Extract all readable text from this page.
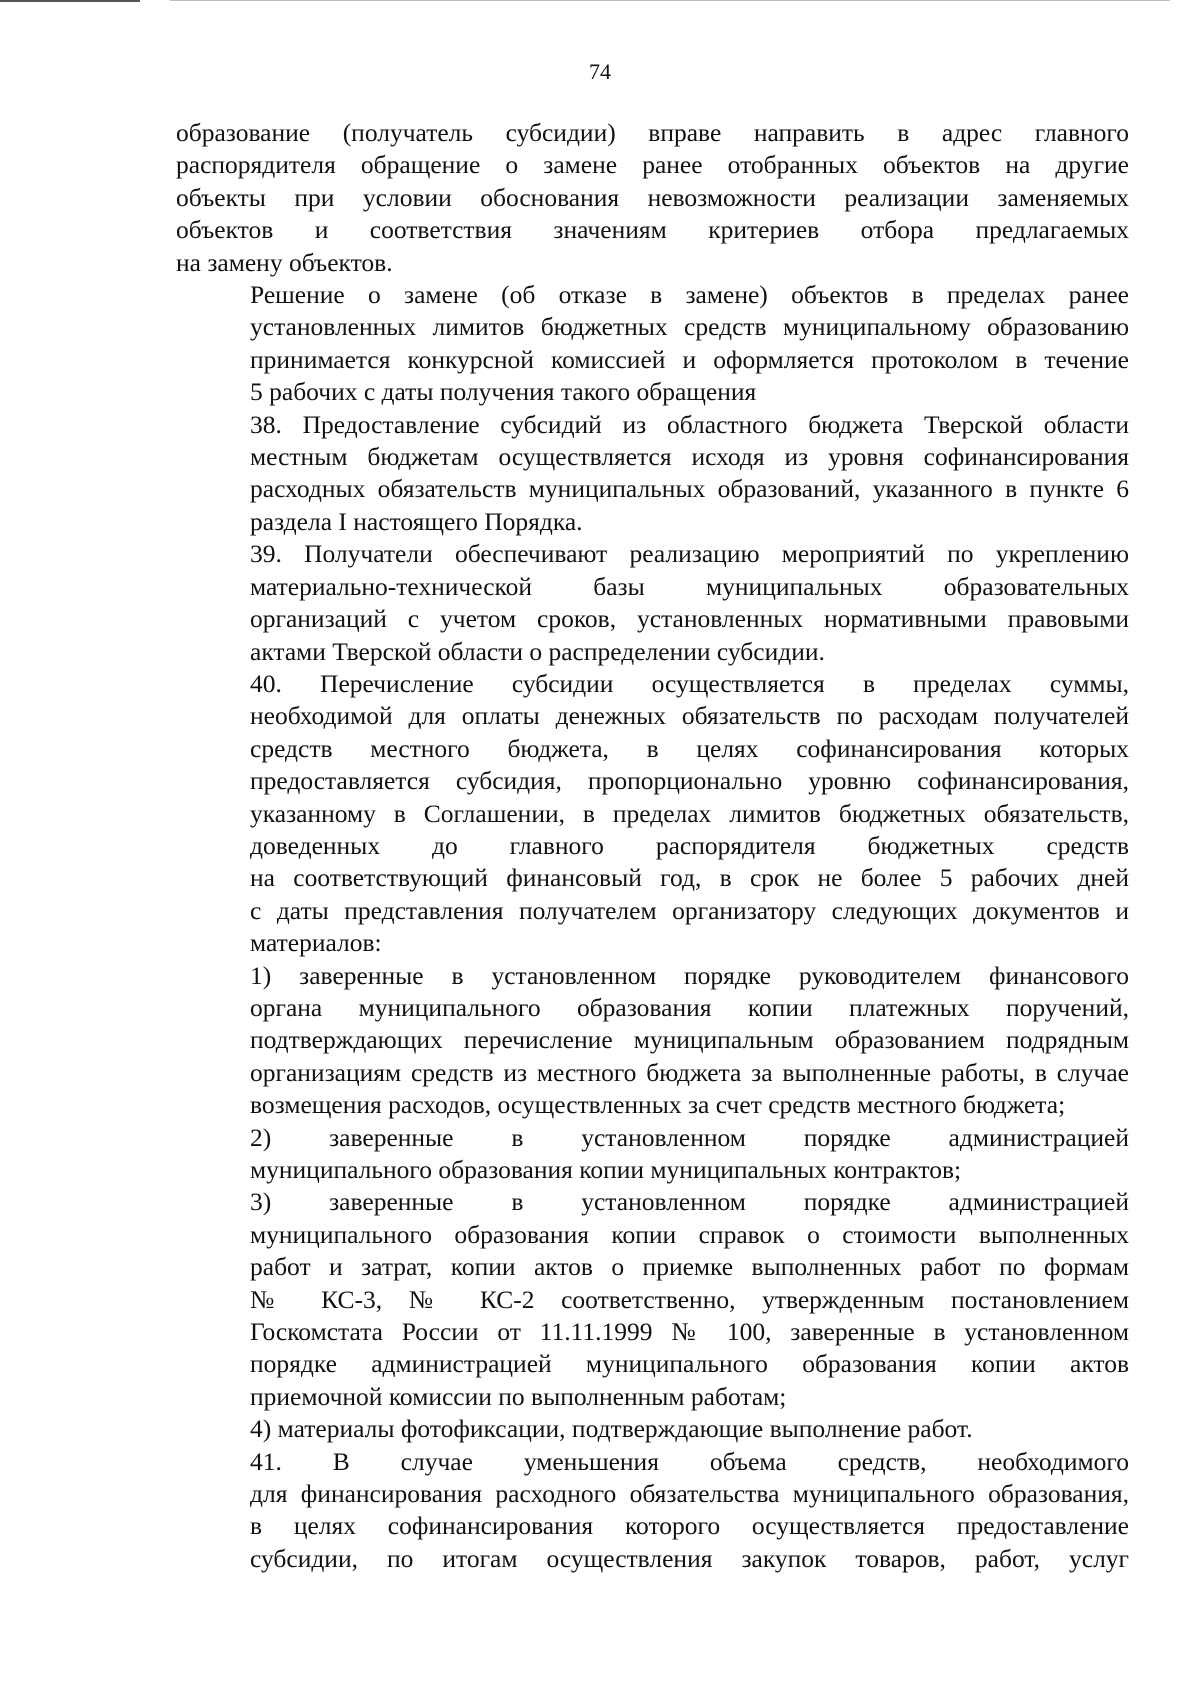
74

образование (получатель субсидии) вправе направить в адрес главного
распорядителя обращение о замене ранее отобранных объектов на другие
объекты при условии обоснования невозможности реализации заменяемых
объектов и соответствия значениям критериев отбора предлагаемых
на замену объектов.

Решение о замене (об отказе в замене) объектов в пределах ранее
установленных лимитов бюджетных средств муниципальному образованию
принимается конкурсной комиссией и оформляется протоколом в течение
5 рабочих с даты получения такого обращения

38. Предоставление субсидий из областного бюджета Тверской области
местным бюджетам осуществляется исходя из уровня софинансирования
расходных обязательств муниципальных образований, указанного в пункте 6
раздела I настоящего Порядка.

39. Получатели обеспечивают реализацию мероприятий по укреплению
материально-технической базы муниципальных образовательных
организаций с учетом сроков, установленных нормативными правовыми
актами Тверской области о распределении субсидии.

40. Перечисление субсидии осуществляется в пределах суммы,
необходимой для оплаты денежных обязательств по расходам получателей
средств местного бюджета, в целях софинансирования которых
предоставляется субсидия, пропорционально уровню софинансирования,
указанному в Соглашении, в пределах лимитов бюджетных обязательств,
доведенных до главного распорядителя бюджетных средств
на соответствующий финансовый год, в срок не более 5 рабочих дней
с даты представления получателем организатору следующих документов и
материалов:

1) заверенные в установленном порядке руководителем финансового
органа муниципального образования копии платежных поручений,
подтверждающих перечисление муниципальным образованием подрядным
организациям средств из местного бюджета за выполненные работы, в случае
возмещения расходов, осуществленных за счет средств местного бюджета;

2) заверенные в установленном порядке администрацией
муниципального образования копии муниципальных контрактов;

3) заверенные в установленном порядке администрацией
муниципального образования копии справок о стоимости выполненных
работ и затрат, копии актов о приемке выполненных работ по формам
№ КС-3, № КС-2 соответственно, утвержденным постановлением
Госкомстата России от 11.11.1999 № 100, заверенные в установленном
порядке администрацией муниципального образования копии актов
приемочной комиссии по выполненным работам;

4) материалы фотофиксации, подтверждающие выполнение работ.

41. В случае уменьшения объема средств, необходимого
для финансирования расходного обязательства муниципального образования,
в целях софинансирования которого осуществляется предоставление
субсидии, по итогам осуществления закупок товаров, работ, услуг
